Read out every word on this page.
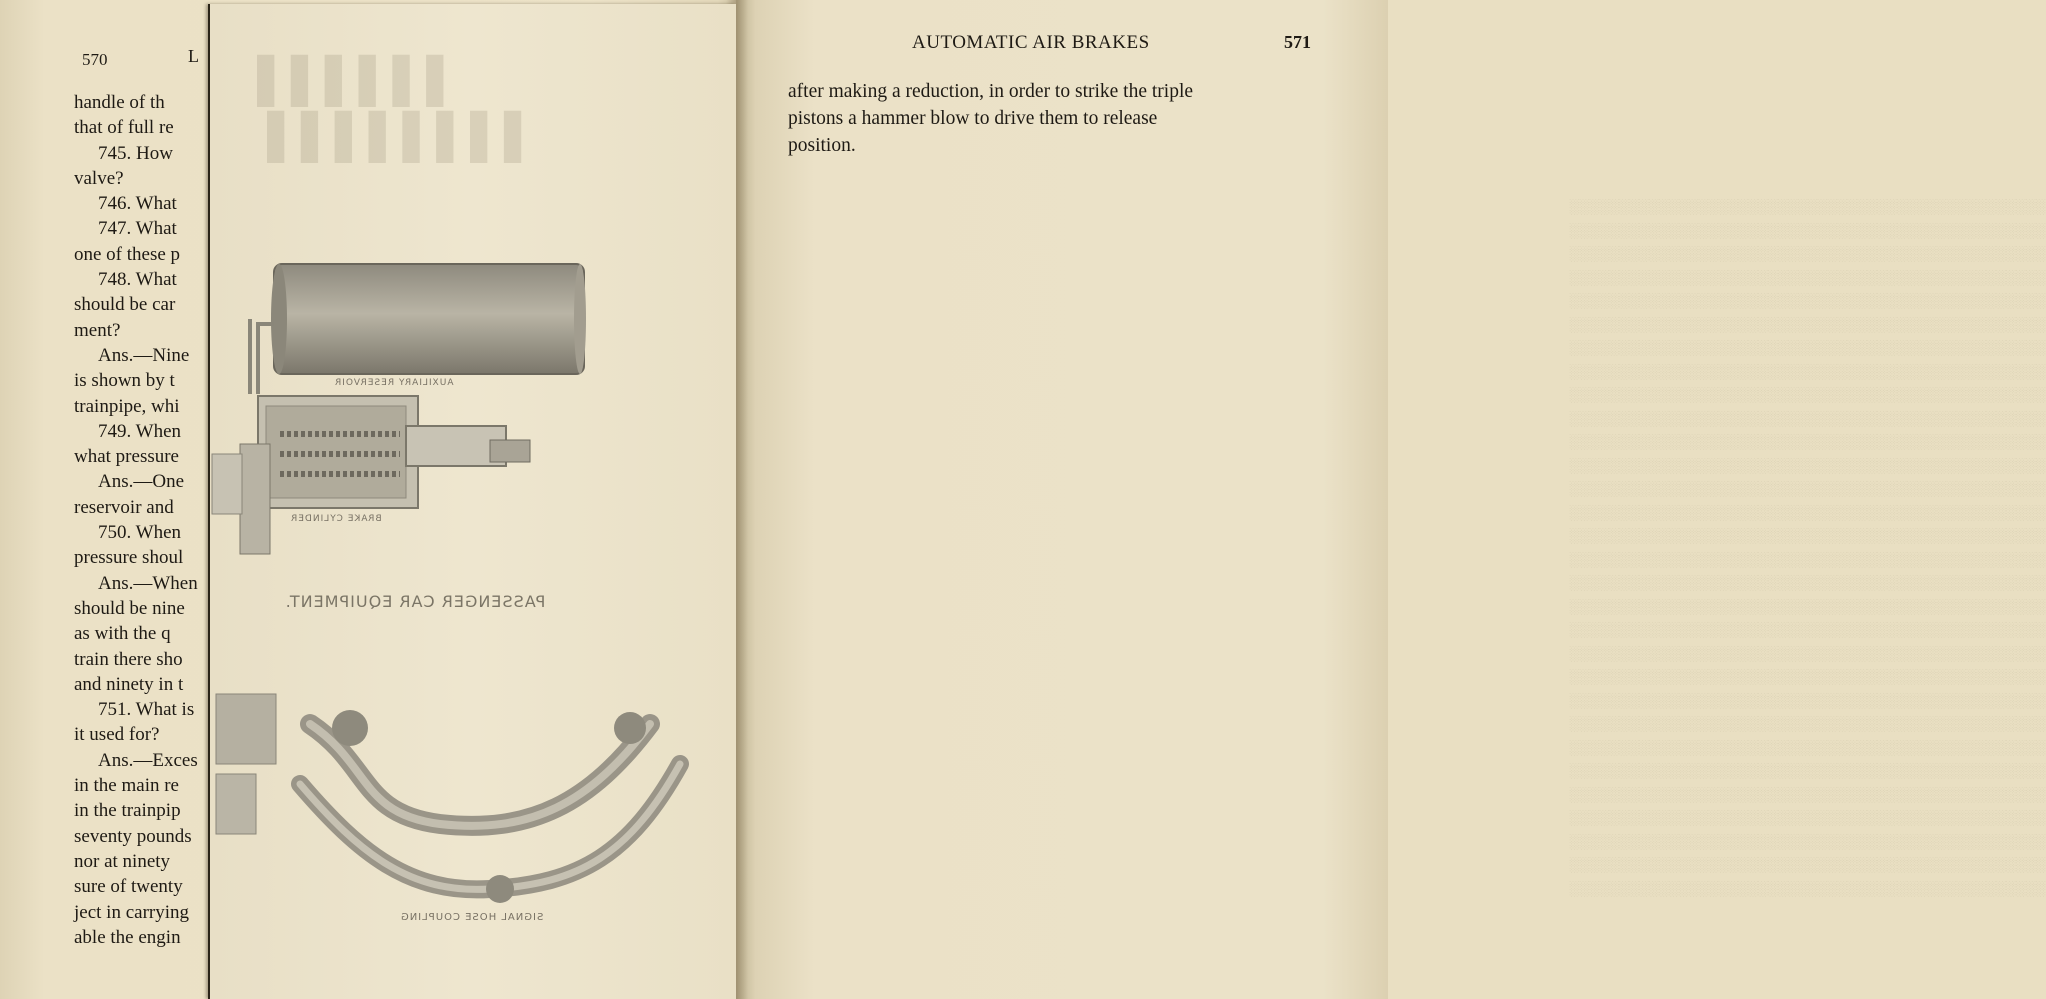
570	L
handle of th
that of full re
745. How
valve?
746. What
747. What
one of these p
748. What
should be car
ment?
Ans.—Nine
is shown by t
trainpipe, whi
749. When
what pressure
Ans.—One
reservoir and
750. When
pressure shoul
Ans.—When
should be nine
as with the q
train there sho
and ninety in t
751. What is
it used for?
Ans.—Exces
in the main re
in the trainpip
seventy pounds
nor at ninety
sure of twenty
ject in carrying
able the engin
░░░░░░░░░░░░░░░░░░░░░░░░░░░░░░░░░░░░░░░░░░░░░░░░
░░░░░░░░░░░░░░░░░░░░░░░░░░░░░░░░░░░░░░░░░░░░░░░░
░░░░░░░░░░░░░░░░░░░░░░░░░░░░░░░░░░░░░░░░░░░░░░░░
░░░░░░░░░░░░░░░░░░░░░░░░░░░░░░░░░░░░░░░░░░░░░░░░
░░░░░░░░░░░░░░░░░░░░░░░░░░░░░░░░░░░░░░░░░░░░░░░░
░░░░░░░░░░░░░░░░░░░░░░░░░░░░░░░░░░░░░░░░░░░░░░░░
░░░░░░░░░░░░░░░░░░░░░░░░░░░░░░░░░░░░░░░░░░░░░░░░
░░░░░░░░░░░░░░░░░░░░░░░░░░░░░░░░░░░░░░░░░░░░░░░░
░░░░░░░░░░░░░░░░░░░░░░░░░░░░░░░░░░░░░░░░░░░░░░░░
░░░░░░░░░░░░░░░░░░░░░░░░░░░░░░░░░░░░░░░░░░░░░░░░
░░░░░░░░░░░░░░░░░░░░░░░░░░░░░░░░░░░░░░░░░░░░░░░░
░░░░░░░░░░░░░░░░░░░░░░░░░░░░░░░░░░░░░░░░░░░░░░░░
░░░░░░░░░░░░░░░░░░░░░░░░░░░░░░░░░░░░░░░░░░░░░░░░
░░░░░░░░░░░░░░░░░░░░░░░░░░░░░░░░░░░░░░░░░░░░░░░░
░░░░░░░░░░░░░░░░░░░░░░░░░░░░░░░░░░░░░░░░░░░░░░░░
░░░░░░░░░░░░░░░░░░░░░░░░░░░░░░░░░░░░░░░░░░░░░░░░
░░░░░░░░░░░░░░░░░░░░░░░░░░░░░░░░░░░░░░░░░░░░░░░░
░░░░░░░░░░░░░░░░░░░░░░░░░░░░░░░░░░░░░░░░░░░░░░░░
░░░░░░░░░░░░░░░░░░░░░░░░░░░░░░░░░░░░░░░░░░░░░░░░
░░░░░░░░░░░░░░░░░░░░░░░░░░░░░░░░░░░░░░░░░░░░░░░░
░░░░░░░░░░░░░░░░░░░░░░░░░░░░░░░░░░░░░░░░░░░░░░░░
░░░░░░░░░░░░░░░░░░░░░░░░░░░░░░░░░░░░░░░░░░░░░░░░
░░░░░░░░░░░░░░░░░░░░░░░░░░░░░░░░░░░░░░░░░░░░░░░░
░░░░░░░░░░░░░░░░░░░░░░░░░░░░░░░░░░░░░░░░░░░░░░░░
░░░░░░░░░░░░░░░░░░░░░░░░░░░░░░░░░░░░░░░░░░░░░░░░
░░░░░░░░░░░░░░░░░░░░░░░░░░░░░░░░░░░░░░░░░░░░░░░░
░░░░░░░░░░░░░░░░░░░░░░░░░░░░░░░░░░░░░░░░░░░░░░░░
░░░░░░░░░░░░░░░░░░░░░░░░░░░░░░░░░░░░░░░░░░░░░░░░
░░░░░░░░░░░░░░░░░░░░░░░░░░░░░░░░░░░░░░░░░░░░░░░░
░░░░░░░░░░░░░░░░░░░░░░░░░░░░░░░░░░░░░░░░░░░░░░░░
AUTOMATIC AIR BRAKES	571
after making a reduction, in order to strike the triple
pistons a hammer blow to drive them to release
position.
▌▌▌▌▌▌
▌▌▌▌▌▌▌▌
AUXILIARY RESERVOIR
BRAKE CYLINDER
PASSENGER CAR EQUIPMENT.
SIGNAL HOSE COUPLING
